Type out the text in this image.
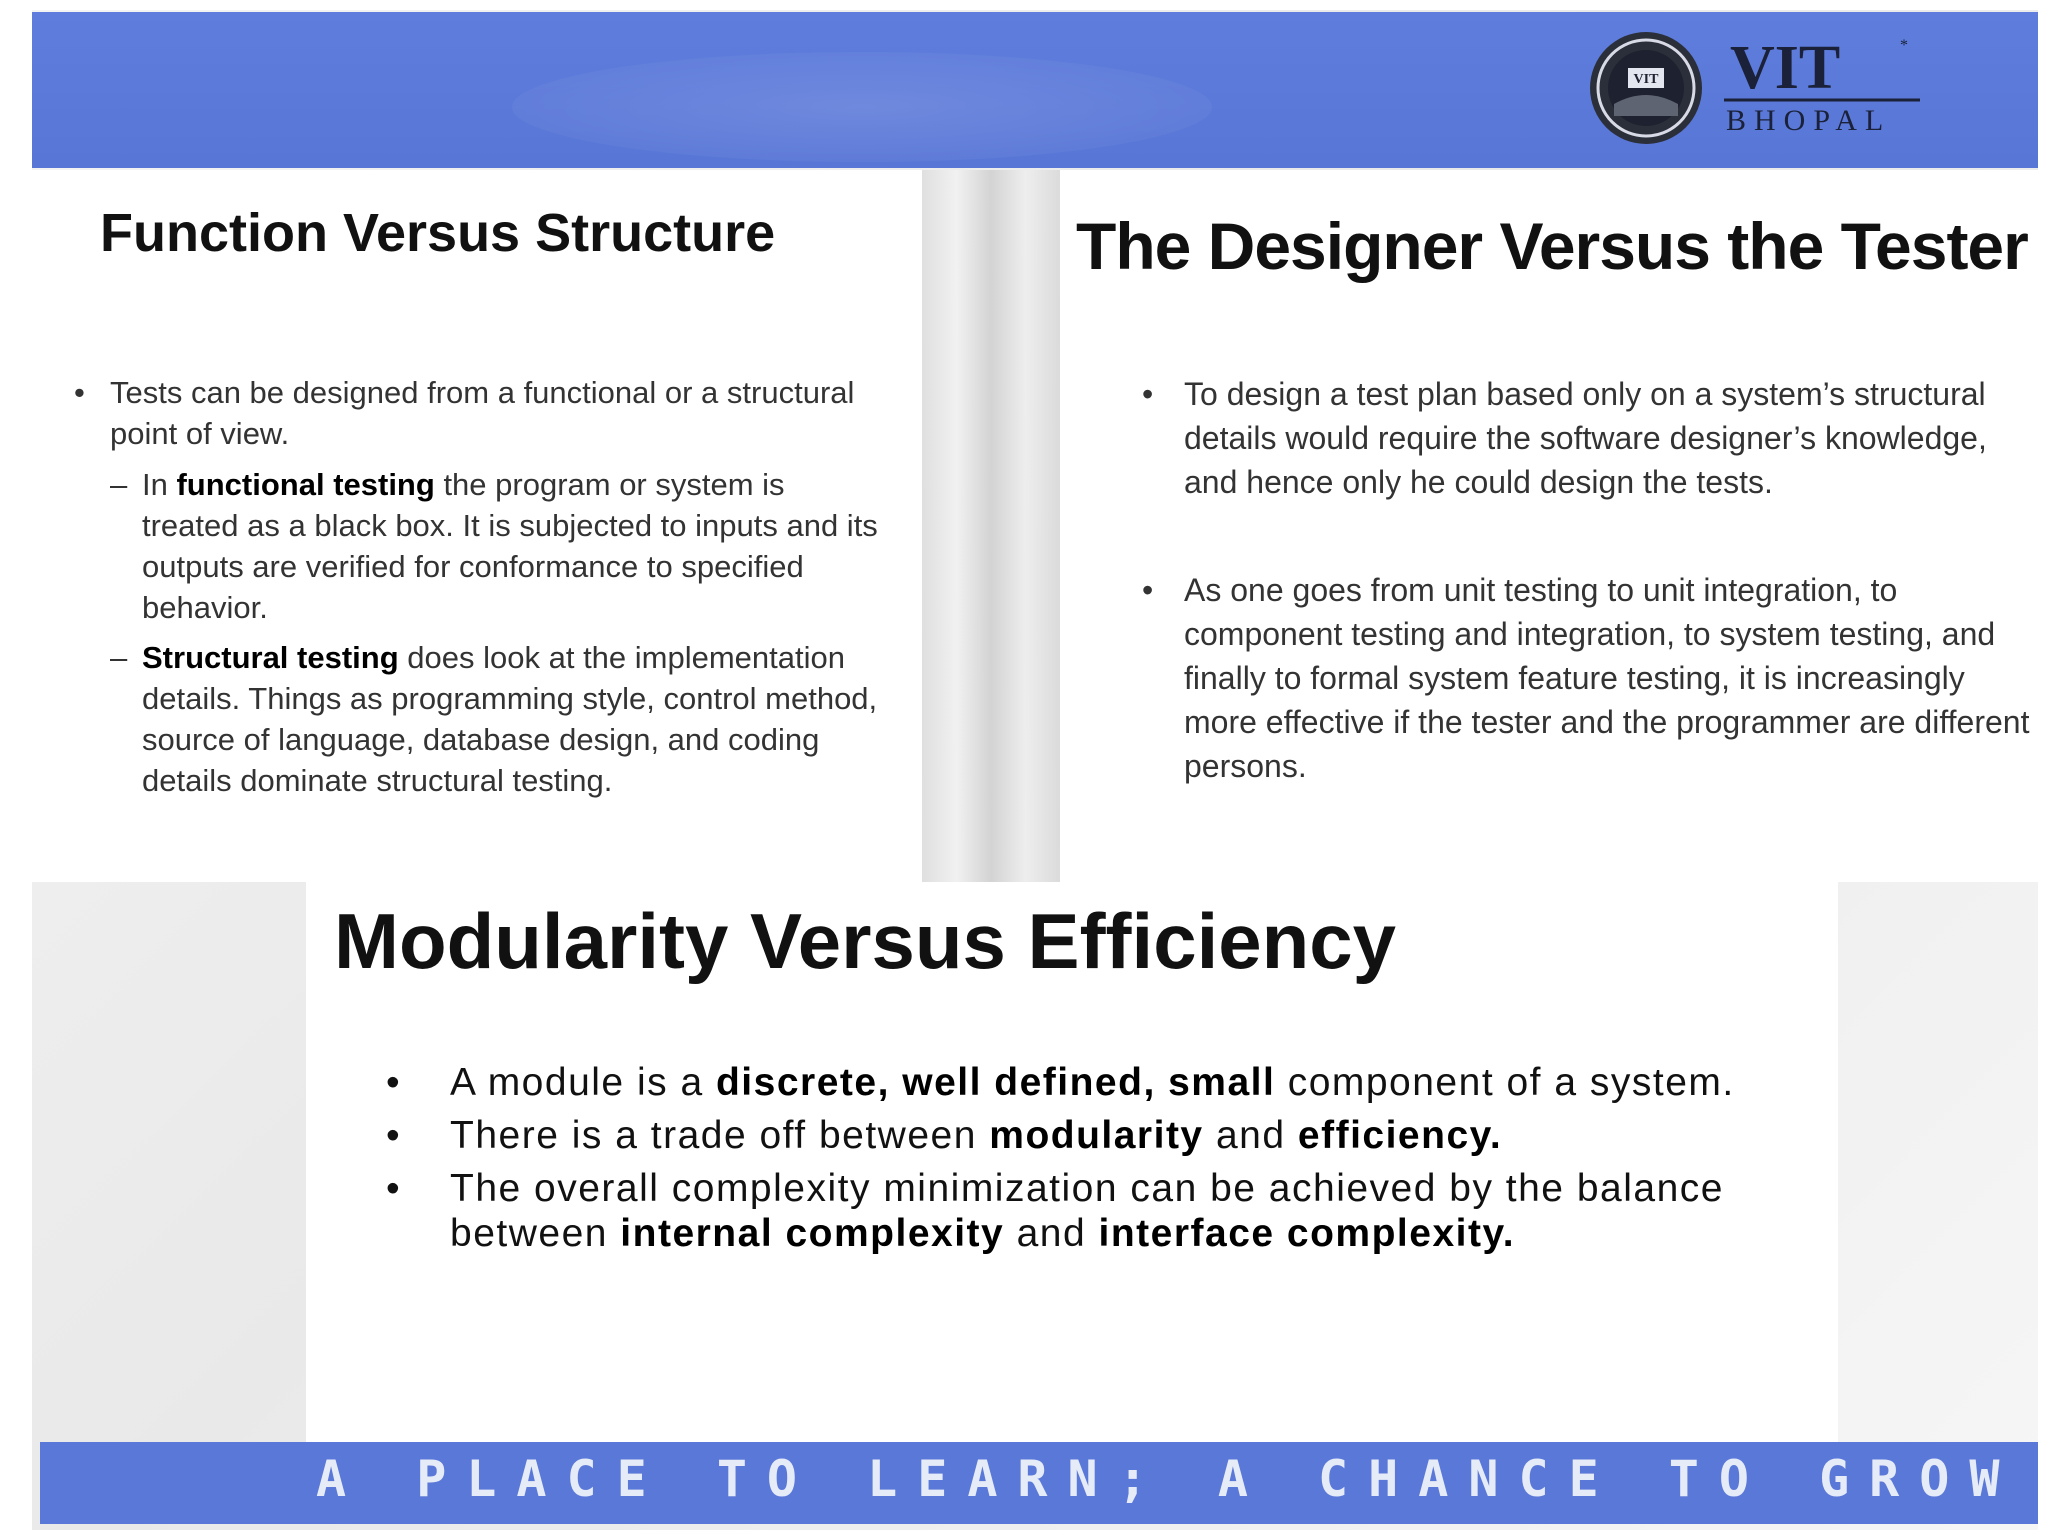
VIT VIT
BHOPAL
*
Function Versus Structure
• Tests can be designed from a functional or a structural point of view.
– In functional testing the program or system is treated as a black box. It is subjected to inputs and its outputs are verified for conformance to specified behavior.
– Structural testing does look at the implementation details. Things as programming style, control method, source of language, database design, and coding details dominate structural testing.
The Designer Versus the Tester
• To design a test plan based only on a system’s structural details would require the software designer’s knowledge, and hence only he could design the tests.
• As one goes from unit testing to unit integration, to component testing and integration, to system testing, and finally to formal system feature testing, it is increasingly more effective if the tester and the programmer are different persons.
Modularity Versus Efficiency
• A module is a discrete, well defined, small component of a system.
• There is a trade off between modularity and efficiency.
• The overall complexity minimization can be achieved by the balance between internal complexity and interface complexity.

A PLACE TO LEARN; A CHANCE TO GROW
